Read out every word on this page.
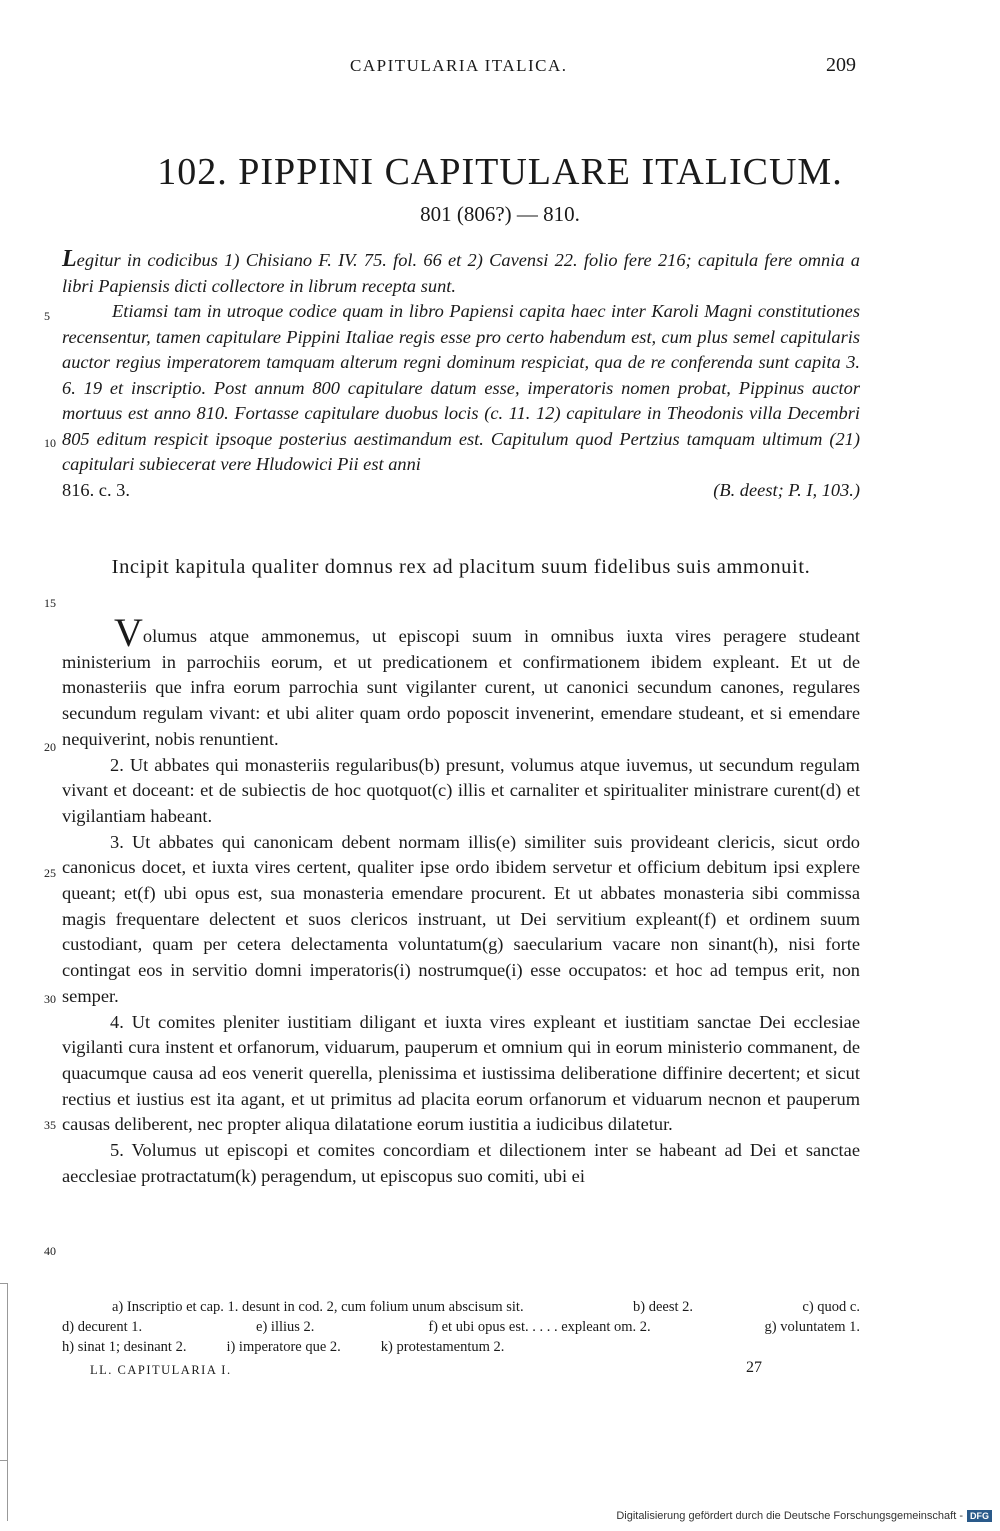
CAPITULARIA ITALICA.	209
102. PIPPINI CAPITULARE ITALICUM.
801 (806?) — 810.

Legitur in codicibus 1) Chisiano F. IV. 75. fol. 66 et 2) Cavensi 22. folio fere 216; capitula fere omnia a libri Papiensis dicti collectore in librum recepta sunt.

Etiamsi tam in utroque codice quam in libro Papiensi capita haec inter Karoli Magni constitutiones recensentur, tamen capitulare Pippini Italiae regis esse pro certo habendum est, cum plus semel capitularis auctor regius imperatorem tamquam alterum regni dominum respiciat, qua de re conferenda sunt capita 3. 6. 19 et inscriptio. Post annum 800 capitulare datum esse, imperatoris nomen probat, Pippinus auctor mortuus est anno 810. Fortasse capitulare duobus locis (c. 11. 12) capitulare in Theodonis villa Decembri 805 editum respicit ipsoque posterius aestimandum est. Capitulum quod Pertzius tamquam ultimum (21) capitulari subiecerat vere Hludowici Pii est anni

816. c. 3.	(B. deest; P. I, 103.)
Incipit kapitula qualiter domnus rex ad placitum suum fidelibus suis ammonuit.

Volumus atque ammonemus, ut episcopi suum in omnibus iuxta vires peragere studeant ministerium in parrochiis eorum, et ut predicationem et confirmationem ibidem expleant. Et ut de monasteriis que infra eorum parrochia sunt vigilanter curent, ut canonici secundum canones, regulares secundum regulam vivant: et ubi aliter quam ordo poposcit invenerint, emendare studeant, et si emendare nequiverint, nobis renuntient.

2. Ut abbates qui monasteriis regularibus(b) presunt, volumus atque iuvemus, ut secundum regulam vivant et doceant: et de subiectis de hoc quotquot(c) illis et carnaliter et spiritualiter ministrare curent(d) et vigilantiam habeant.

3. Ut abbates qui canonicam debent normam illis(e) similiter suis provideant clericis, sicut ordo canonicus docet, et iuxta vires certent, qualiter ipse ordo ibidem servetur et officium debitum ipsi explere queant; et(f) ubi opus est, sua monasteria emendare procurent. Et ut abbates monasteria sibi commissa magis frequentare delectent et suos clericos instruant, ut Dei servitium expleant(f) et ordinem suum custodiant, quam per cetera delectamenta voluntatum(g) saecularium vacare non sinant(h), nisi forte contingat eos in servitio domni imperatoris(i) nostrumque(i) esse occupatos: et hoc ad tempus erit, non semper.

4. Ut comites pleniter iustitiam diligant et iuxta vires expleant et iustitiam sanctae Dei ecclesiae vigilanti cura instent et orfanorum, viduarum, pauperum et omnium qui in eorum ministerio commanent, de quacumque causa ad eos venerit querella, plenissima et iustissima deliberatione diffinire decertent; et sicut rectius et iustius est ita agant, et ut primitus ad placita eorum orfanorum et viduarum necnon et pauperum causas deliberent, nec propter aliqua dilatatione eorum iustitia a iudicibus dilatetur.

5. Volumus ut episcopi et comites concordiam et dilectionem inter se habeant ad Dei et sanctae aecclesiae protractatum(k) peragendum, ut episcopus suo comiti, ubi ei

5
10
15
20
25
30
35
40
a) Inscriptio et cap. 1. desunt in cod. 2, cum folium unum abscisum sit.	b) deest 2.	c) quod c.
d) decurent 1.	e) illius 2.	f) et ubi opus est. . . . . expleant om. 2.	g) voluntatem 1.
h) sinat 1; desinant 2.	i) imperatore que 2.	k) protestamentum 2.
LL. CAPITULARIA I.	27
Digitalisierung gefördert durch die Deutsche Forschungsgemeinschaft - DFG
